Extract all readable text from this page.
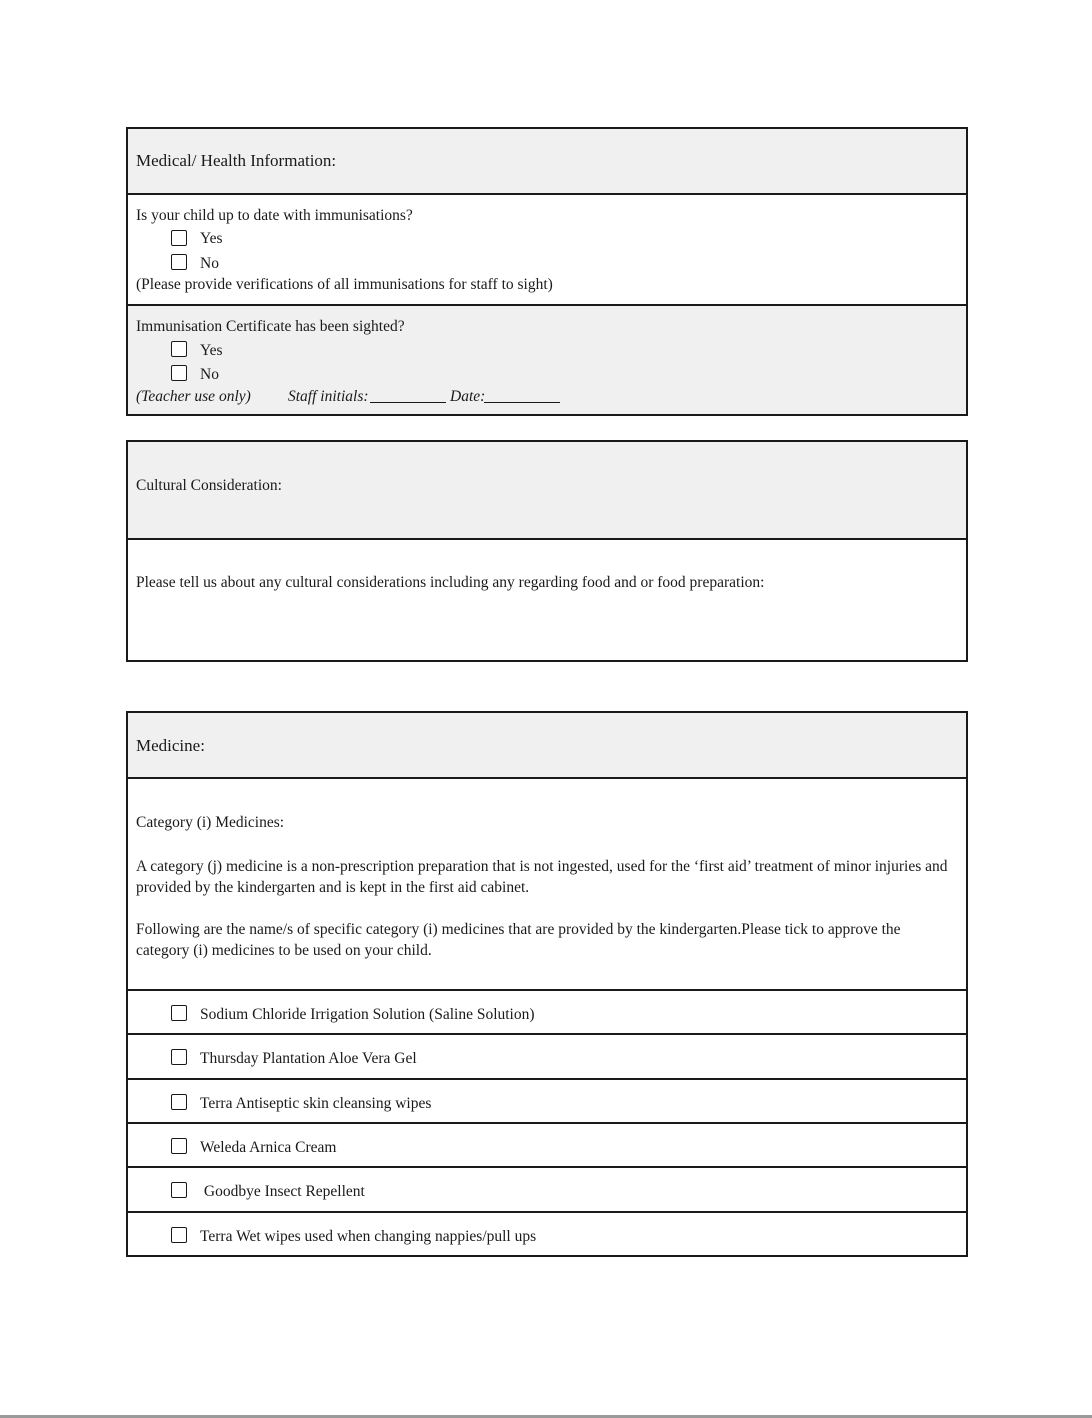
Medical/ Health Information:
Is your child up to date with immunisations?
Yes
No
(Please provide verifications of all immunisations for staff to sight)
Immunisation Certificate has been sighted?
Yes
No
(Teacher use only) Staff initials:	Date:
Cultural Consideration:
Please tell us about any cultural considerations including any regarding food and or food preparation:
Medicine:
Category (i) Medicines:
A category (j) medicine is a non-prescription preparation that is not ingested, used for the ‘first aid’ treatment of minor injuries and provided by the kindergarten and is kept in the first aid cabinet.
Following are the name/s of specific category (i) medicines that are provided by the kindergarten.Please tick to approve the category (i) medicines to be used on your child.
Sodium Chloride Irrigation Solution (Saline Solution)
Thursday Plantation Aloe Vera Gel
Terra Antiseptic skin cleansing wipes
Weleda Arnica Cream
Goodbye Insect Repellent
Terra Wet wipes used when changing nappies/pull ups
